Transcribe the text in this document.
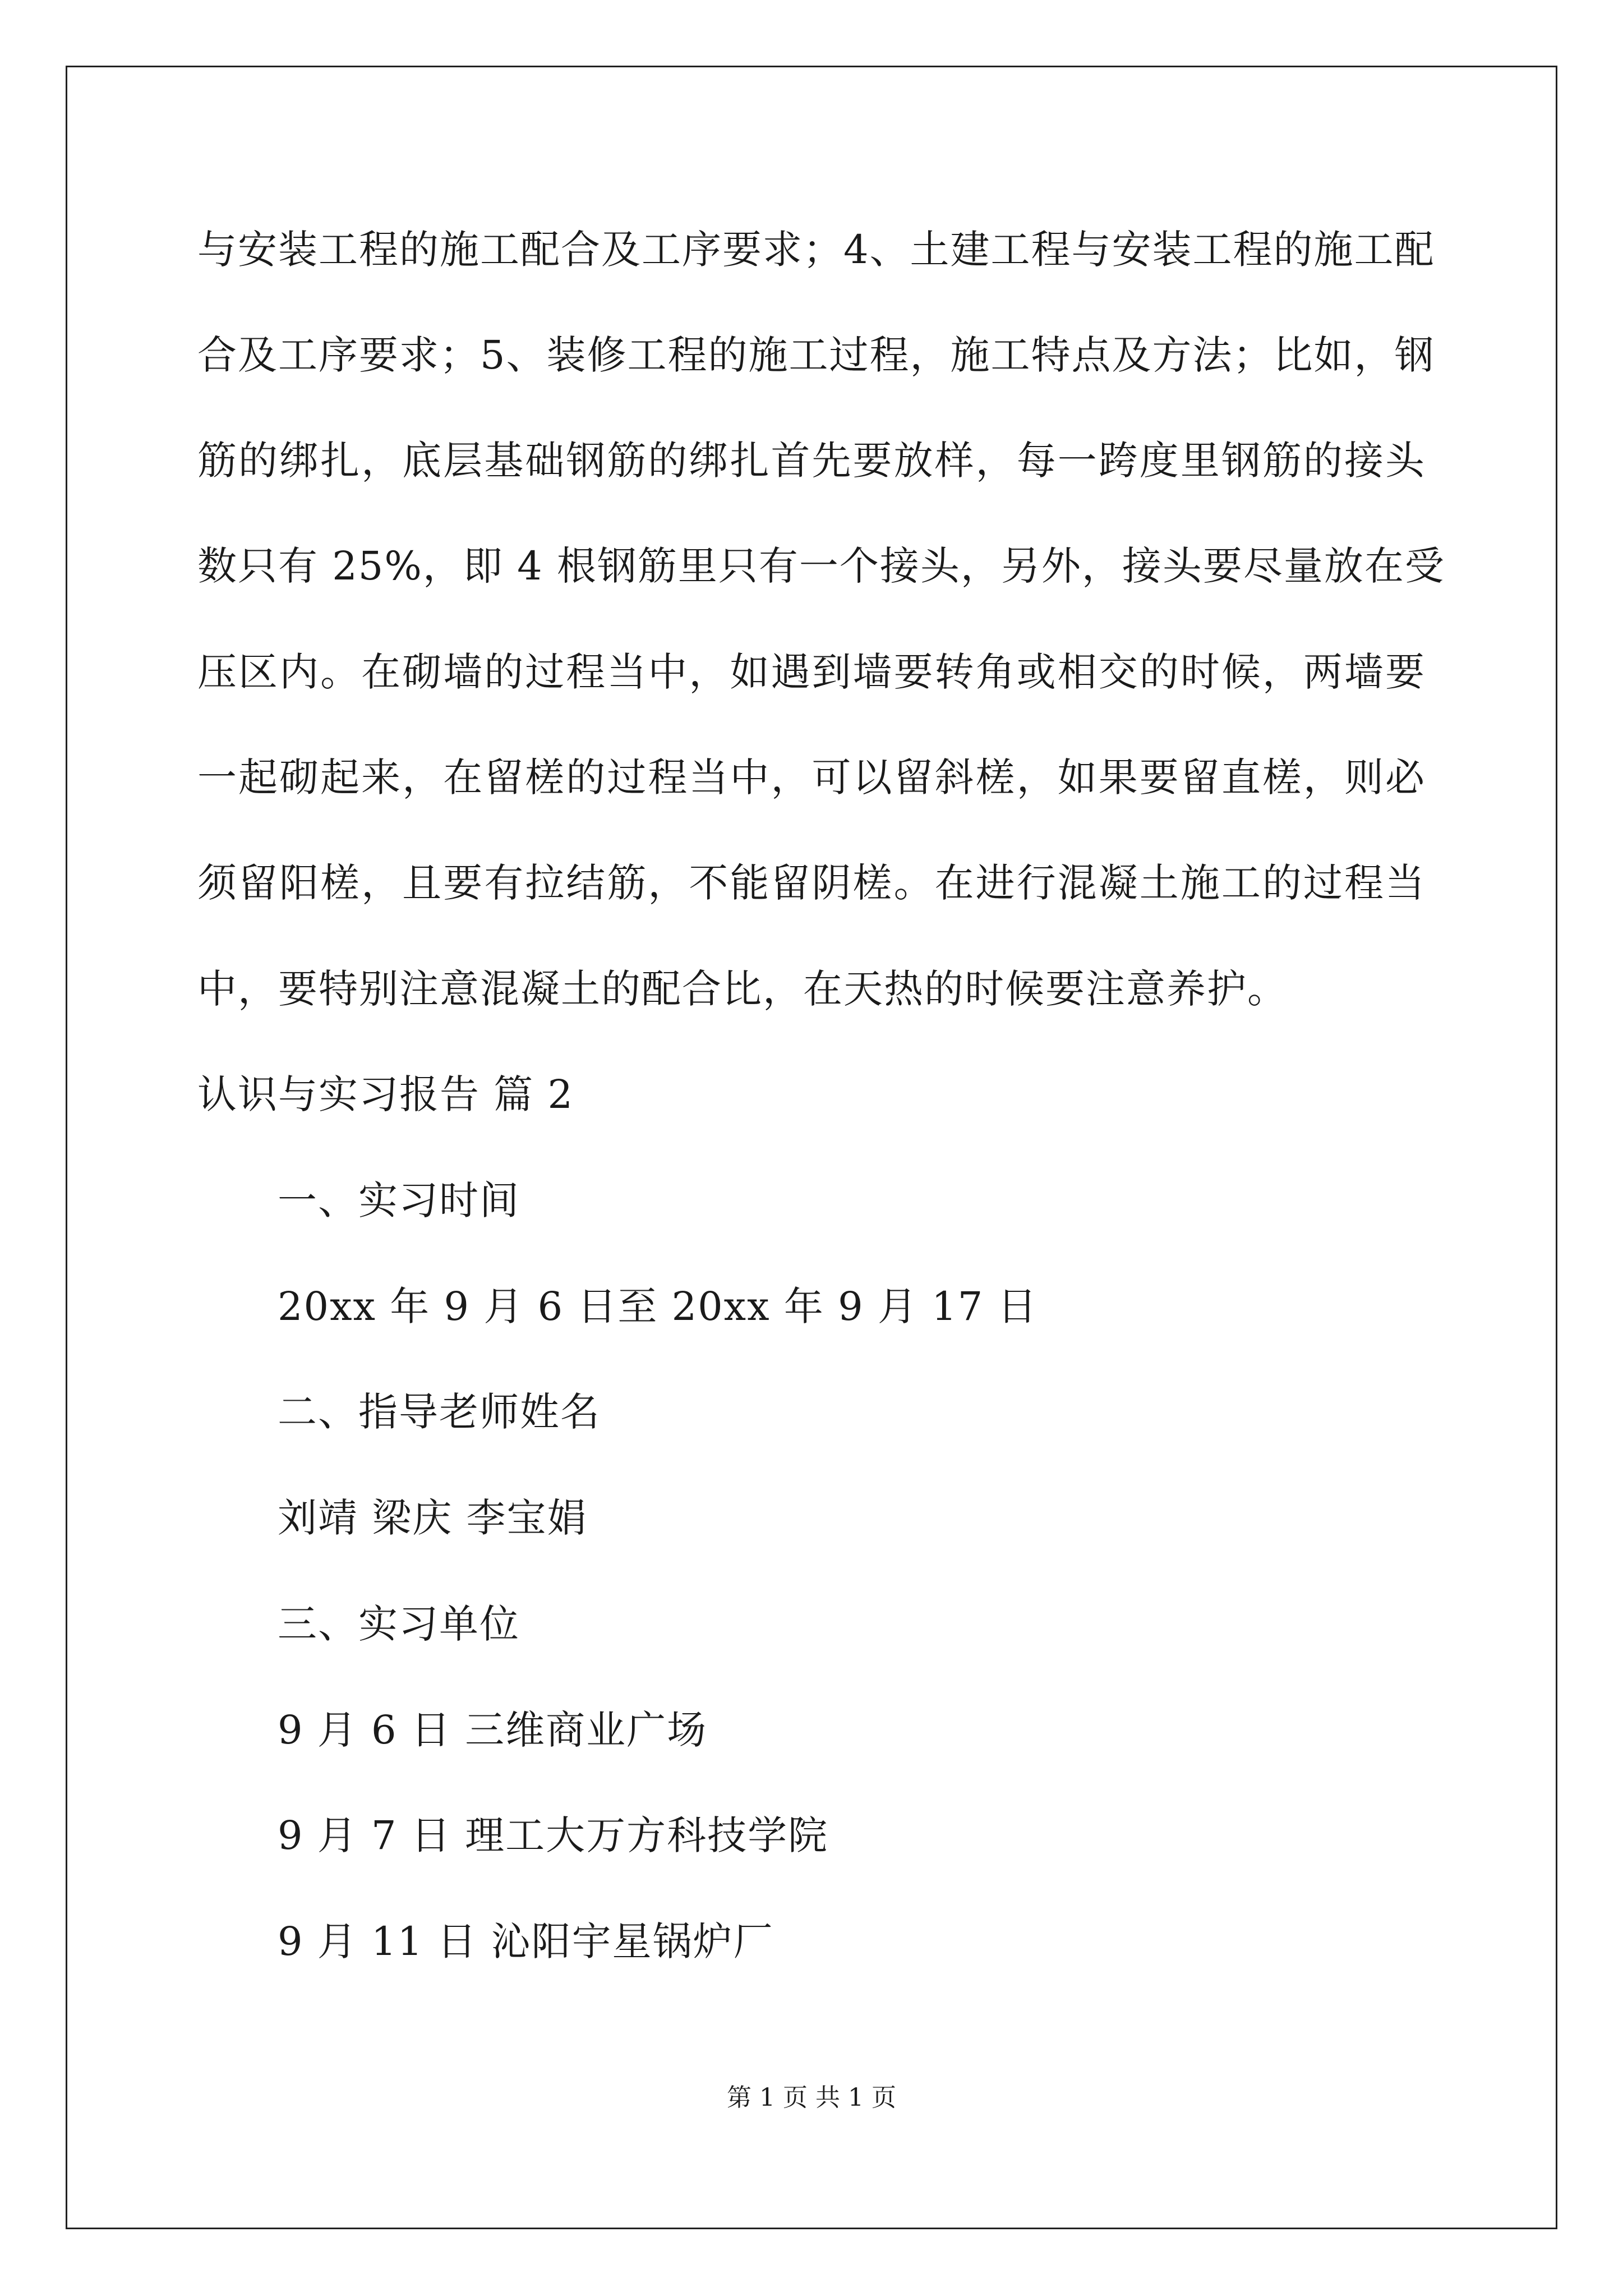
与安装工程的施工配合及工序要求；4、土建工程与安装工程的施工配
合及工序要求；5、装修工程的施工过程，施工特点及方法；比如，钢
筋的绑扎，底层基础钢筋的绑扎首先要放样，每一跨度里钢筋的接头
数只有 25%，即 4 根钢筋里只有一个接头，另外，接头要尽量放在受
压区内。在砌墙的过程当中，如遇到墙要转角或相交的时候，两墙要
一起砌起来，在留槎的过程当中，可以留斜槎，如果要留直槎，则必
须留阳槎，且要有拉结筋，不能留阴槎。在进行混凝土施工的过程当
中，要特别注意混凝土的配合比，在天热的时候要注意养护。
认识与实习报告 篇 2
一、实习时间
20xx 年 9 月 6 日至 20xx 年 9 月 17 日
二、指导老师姓名
刘靖 梁庆 李宝娟
三、实习单位
9 月 6 日 三维商业广场
9 月 7 日 理工大万方科技学院
9 月 11 日 沁阳宇星锅炉厂
第 1 页 共 1 页
